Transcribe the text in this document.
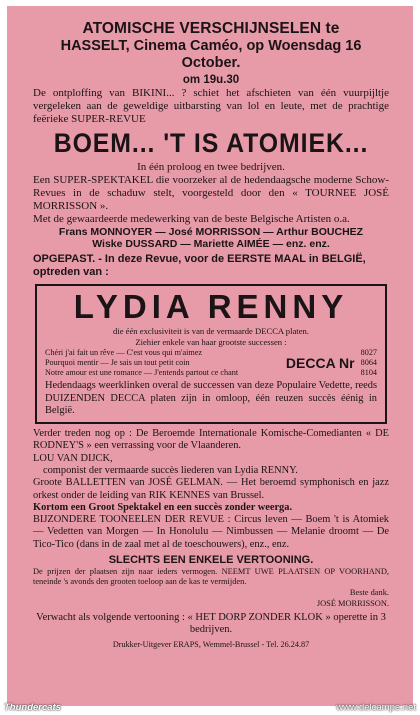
ATOMISCHE VERSCHIJNSELEN te

HASSELT, Cinema Caméo, op Woensdag 16 October.

om 19u.30

De ontploffing van BIKINI... ? schiet het afschieten van één vuurpijltje vergeleken aan de geweldige uitbarsting van lol en leute, met de prachtige feërieke SUPER-REVUE

BOEM... 'T IS ATOMIEK...

In één proloog en twee bedrijven.

Een SUPER-SPEKTAKEL die voorzeker al de hedendaagsche moderne Schow-Revues in de schaduw stelt, voorgesteld door den « TOURNEE JOSÉ MORRISSON ».

Met de gewaardeerde medewerking van de beste Belgische Artisten o.a.

Frans MONNOYER — José MORRISSON — Arthur BOUCHEZ

Wiske DUSSARD — Mariette AIMÉE — enz. enz.

OPGEPAST. - In deze Revue, voor de EERSTE MAAL in BELGIË, optreden van :

LYDIA RENNY

die één exclusiviteit is van de vermaarde DECCA platen.

Ziehier enkele van haar grootste successen :

Chéri j'ai fait un rêve — C'est vous qui m'aimez
Pourquoi mentir — Je sais un tout petit coin
Notre amour est une romance — J'entends partout ce chant
DECCA Nr
8027
8064
8104

Hedendaags weerklinken overal de successen van deze Populaire Vedette, reeds DUIZENDEN DECCA platen zijn in omloop, één reuzen succès éénig in België.

Verder treden nog op : De Beroemde Internationale Komische-Comedianten « DE RODNEY'S » een verrassing voor de Vlaanderen.

LOU VAN DIJCK,

componist der vermaarde succès liederen van Lydia RENNY.

Groote BALLETTEN van JOSÉ GELMAN. — Het beroemd symphonisch en jazz orkest onder de leiding van RIK KENNES van Brussel.

Kortom een Groot Spektakel en een succès zonder weerga.

BIJZONDERE TOONEELEN DER REVUE : Circus leven — Boem 't is Atomiek — Vedetten van Morgen — In Honolulu — Nimbussen — Melanie droomt — De Tico-Tico (dans in de zaal met al de toeschouwers), enz., enz.

SLECHTS EEN ENKELE VERTOONING.

De prijzen der plaatsen zijn naar ieders vermogen. NEEMT UWE PLAATSEN OP VOORHAND, teneinde 's avonds den grooten toeloop aan de kas te vermijden.

Beste dank.

JOSÉ MORRISSON.

Verwacht als volgende vertooning : « HET DORP ZONDER KLOK » operette in 3 bedrijven.

Drukker-Uitgever ERAPS, Wemmel-Brussel - Tel. 26.24.87

Thundercats	www.delcampe.net
